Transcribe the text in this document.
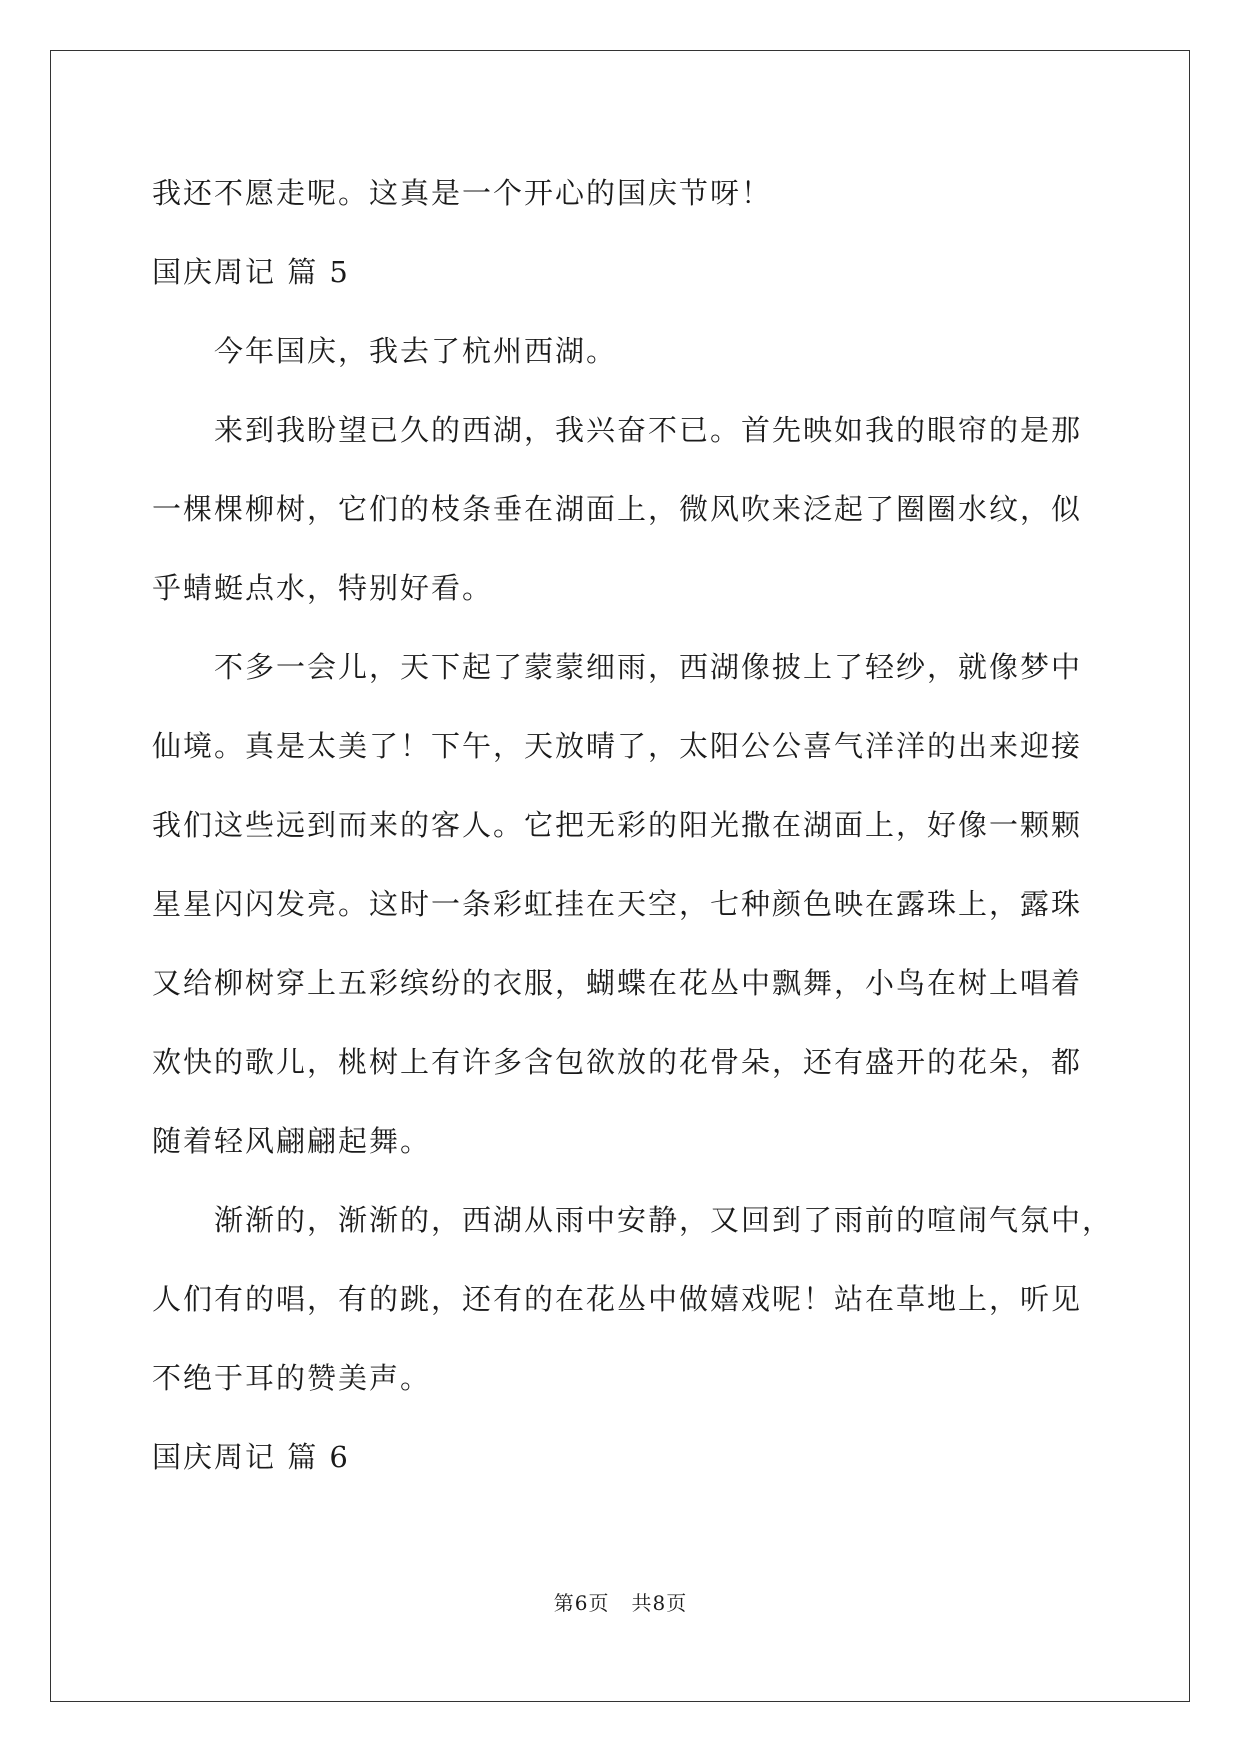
我还不愿走呢。这真是一个开心的国庆节呀！
国庆周记 篇 5
今年国庆，我去了杭州西湖。
来到我盼望已久的西湖，我兴奋不已。首先映如我的眼帘的是那
一棵棵柳树，它们的枝条垂在湖面上，微风吹来泛起了圈圈水纹，似
乎蜻蜓点水，特别好看。
不多一会儿，天下起了蒙蒙细雨，西湖像披上了轻纱，就像梦中
仙境。真是太美了！下午，天放晴了，太阳公公喜气洋洋的出来迎接
我们这些远到而来的客人。它把无彩的阳光撒在湖面上，好像一颗颗
星星闪闪发亮。这时一条彩虹挂在天空，七种颜色映在露珠上，露珠
又给柳树穿上五彩缤纷的衣服，蝴蝶在花丛中飘舞，小鸟在树上唱着
欢快的歌儿，桃树上有许多含包欲放的花骨朵，还有盛开的花朵，都
随着轻风翩翩起舞。
渐渐的，渐渐的，西湖从雨中安静，又回到了雨前的喧闹气氛中，
人们有的唱，有的跳，还有的在花丛中做嬉戏呢！站在草地上，听见
不绝于耳的赞美声。
国庆周记 篇 6
第6页 共8页
